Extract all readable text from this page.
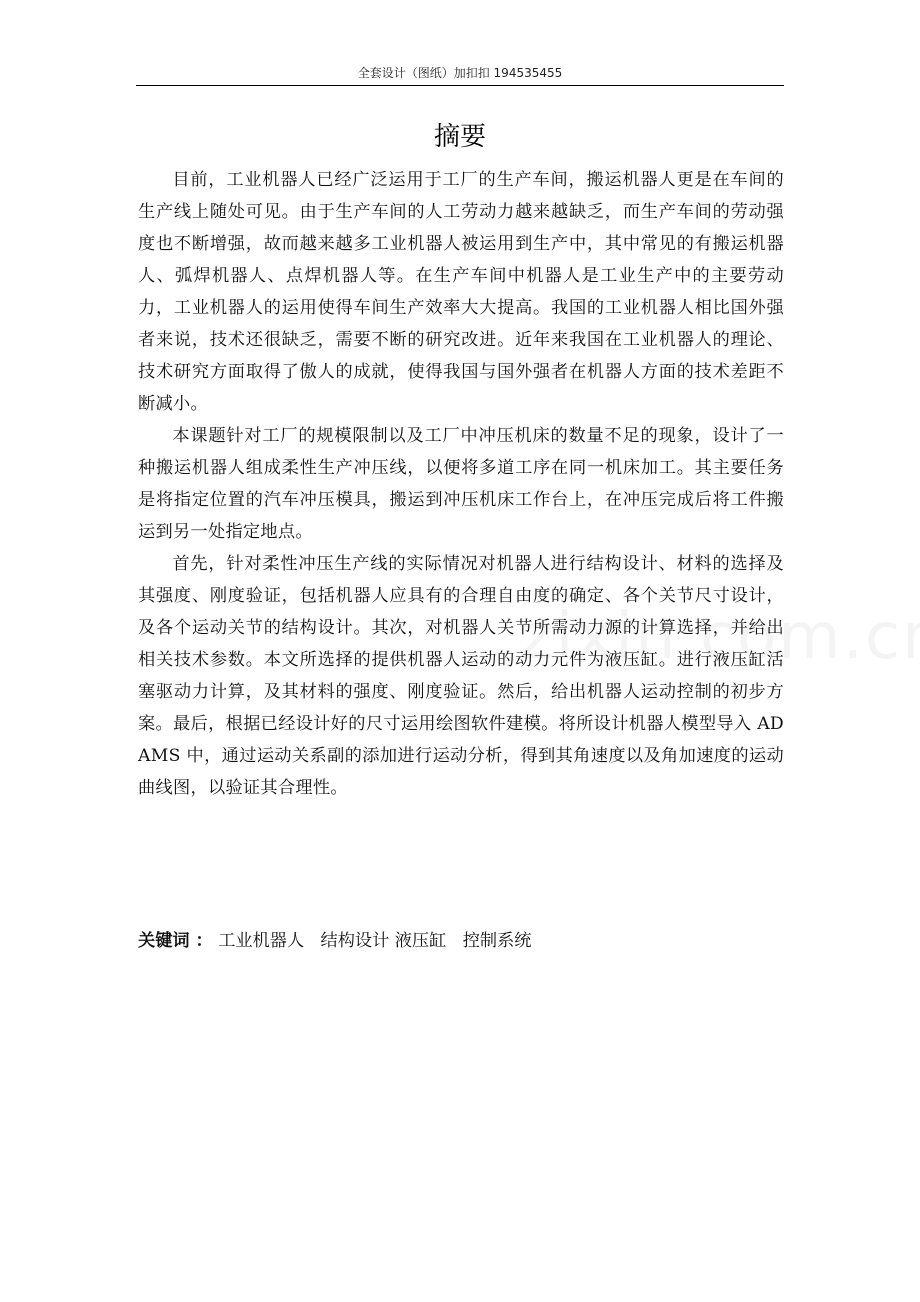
全套设计（图纸）加扣扣 194535455
摘要

目前，工业机器人已经广泛运用于工厂的生产车间，搬运机器人更是在车间的生产线上随处可见。由于生产车间的人工劳动力越来越缺乏，而生产车间的劳动强度也不断增强，故而越来越多工业机器人被运用到生产中，其中常见的有搬运机器人、弧焊机器人、点焊机器人等。在生产车间中机器人是工业生产中的主要劳动力，工业机器人的运用使得车间生产效率大大提高。我国的工业机器人相比国外强者来说，技术还很缺乏，需要不断的研究改进。近年来我国在工业机器人的理论、技术研究方面取得了傲人的成就，使得我国与国外强者在机器人方面的技术差距不断减小。

本课题针对工厂的规模限制以及工厂中冲压机床的数量不足的现象，设计了一种搬运机器人组成柔性生产冲压线，以便将多道工序在同一机床加工。其主要任务是将指定位置的汽车冲压模具，搬运到冲压机床工作台上，在冲压完成后将工件搬运到另一处指定地点。

首先，针对柔性冲压生产线的实际情况对机器人进行结构设计、材料的选择及其强度、刚度验证，包括机器人应具有的合理自由度的确定、各个关节尺寸设计，及各个运动关节的结构设计。其次，对机器人关节所需动力源的计算选择，并给出相关技术参数。本文所选择的提供机器人运动的动力元件为液压缸。进行液压缸活塞驱动力计算，及其材料的强度、刚度验证。然后，给出机器人运动控制的初步方案。最后，根据已经设计好的尺寸运用绘图软件建模。将所设计机器人模型导入 ADAMS 中，通过运动关系副的添加进行运动分析，得到其角速度以及角加速度的运动曲线图，以验证其合理性。

关键词 ： 工业机器人   结构设计 液压缸   控制系统
